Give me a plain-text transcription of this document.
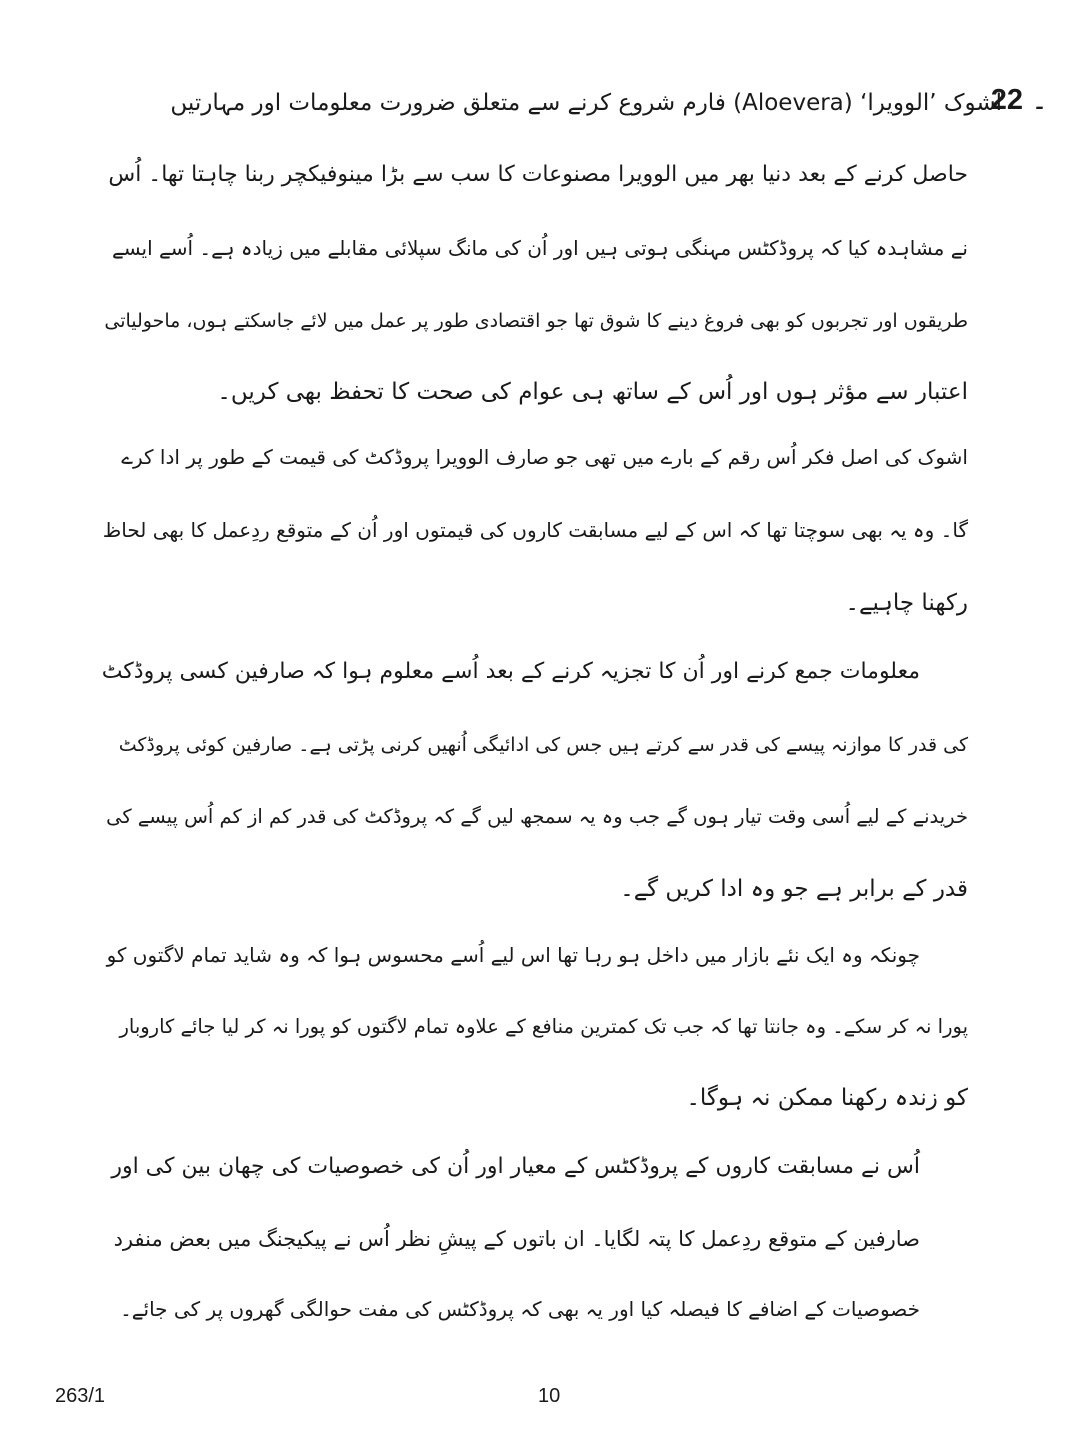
22 ۔
اشوک ’الوویرا‘ (Aloevera) فارم شروع کرنے سے متعلق ضرورت معلومات اور مہارتیں
حاصل کرنے کے بعد دنیا بھر میں الوویرا مصنوعات کا سب سے بڑا مینوفیکچر ربنا چاہتا تھا۔ اُس
نے مشاہدہ کیا کہ پروڈکٹس مہنگی ہوتی ہیں اور اُن کی مانگ سپلائی مقابلے میں زیادہ ہے۔ اُسے ایسے
طریقوں اور تجربوں کو بھی فروغ دینے کا شوق تھا جو اقتصادی طور پر عمل میں لائے جاسکتے ہوں، ماحولیاتی
اعتبار سے مؤثر ہوں اور اُس کے ساتھ ہی عوام کی صحت کا تحفظ بھی کریں۔
اشوک کی اصل فکر اُس رقم کے بارے میں تھی جو صارف الوویرا پروڈکٹ کی قیمت کے طور پر ادا کرے
گا۔ وہ یہ بھی سوچتا تھا کہ اس کے لیے مسابقت کاروں کی قیمتوں اور اُن کے متوقع ردِعمل کا بھی لحاظ
رکھنا چاہیے۔
معلومات جمع کرنے اور اُن کا تجزیہ کرنے کے بعد اُسے معلوم ہوا کہ صارفین کسی پروڈکٹ
کی قدر کا موازنہ پیسے کی قدر سے کرتے ہیں جس کی ادائیگی اُنھیں کرنی پڑتی ہے۔ صارفین کوئی پروڈکٹ
خریدنے کے لیے اُسی وقت تیار ہوں گے جب وہ یہ سمجھ لیں گے کہ پروڈکٹ کی قدر کم از کم اُس پیسے کی
قدر کے برابر ہے جو وہ ادا کریں گے۔
چونکہ وہ ایک نئے بازار میں داخل ہو رہا تھا اس لیے اُسے محسوس ہوا کہ وہ شاید تمام لاگتوں کو
پورا نہ کر سکے۔ وہ جانتا تھا کہ جب تک کمترین منافع کے علاوہ تمام لاگتوں کو پورا نہ کر لیا جائے کاروبار
کو زندہ رکھنا ممکن نہ ہوگا۔
اُس نے مسابقت کاروں کے پروڈکٹس کے معیار اور اُن کی خصوصیات کی چھان بین کی اور
صارفین کے متوقع ردِعمل کا پتہ لگایا۔ ان باتوں کے پیشِ نظر اُس نے پیکیجنگ میں بعض منفرد
خصوصیات کے اضافے کا فیصلہ کیا اور یہ بھی کہ پروڈکٹس کی مفت حوالگی گھروں پر کی جائے۔
263/1	10
